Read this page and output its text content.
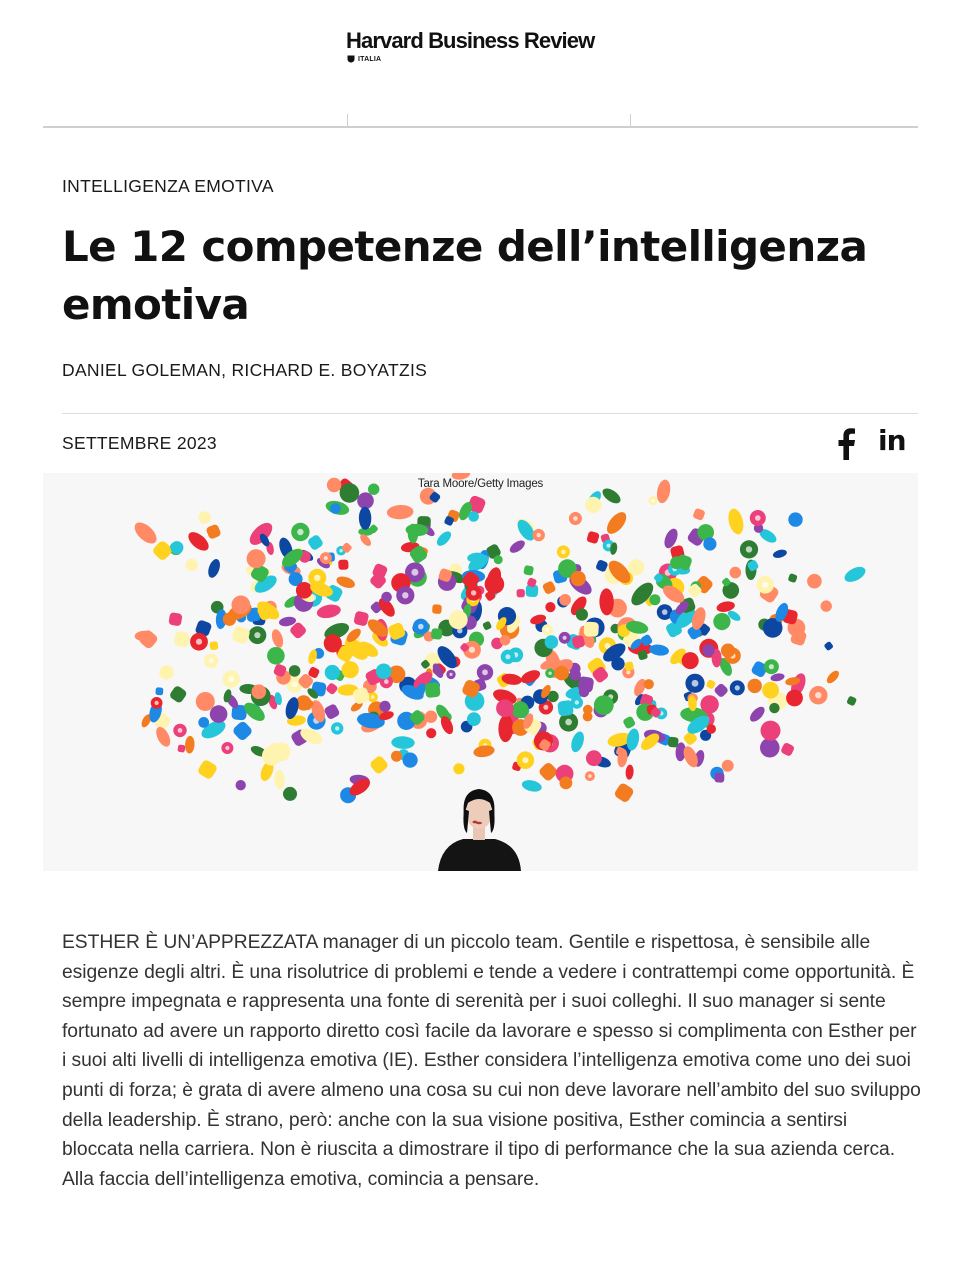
Harvard Business Review
ITALIA
INTELLIGENZA EMOTIVA
Le 12 competenze dell’intelligenza emotiva
DANIEL GOLEMAN, RICHARD E. BOYATZIS
SETTEMBRE 2023	in
Tara Moore/Getty Images

ESTHER È UN’APPREZZATA manager di un piccolo team. Gentile e rispettosa, è sensibile alle esigenze degli altri. È una risolutrice di problemi e tende a vedere i contrattempi come opportunità. È sempre impegnata e rappresenta una fonte di serenità per i suoi colleghi. Il suo manager si sente fortunato ad avere un rapporto diretto così facile da lavorare e spesso si complimenta con Esther per i suoi alti livelli di intelligenza emotiva (IE). Esther considera l’intelligenza emotiva come uno dei suoi punti di forza; è grata di avere almeno una cosa su cui non deve lavorare nell’ambito del suo sviluppo della leadership. È strano, però: anche con la sua visione positiva, Esther comincia a sentirsi bloccata nella carriera. Non è riuscita a dimostrare il tipo di performance che la sua azienda cerca. Alla faccia dell’intelligenza emotiva, comincia a pensare.
